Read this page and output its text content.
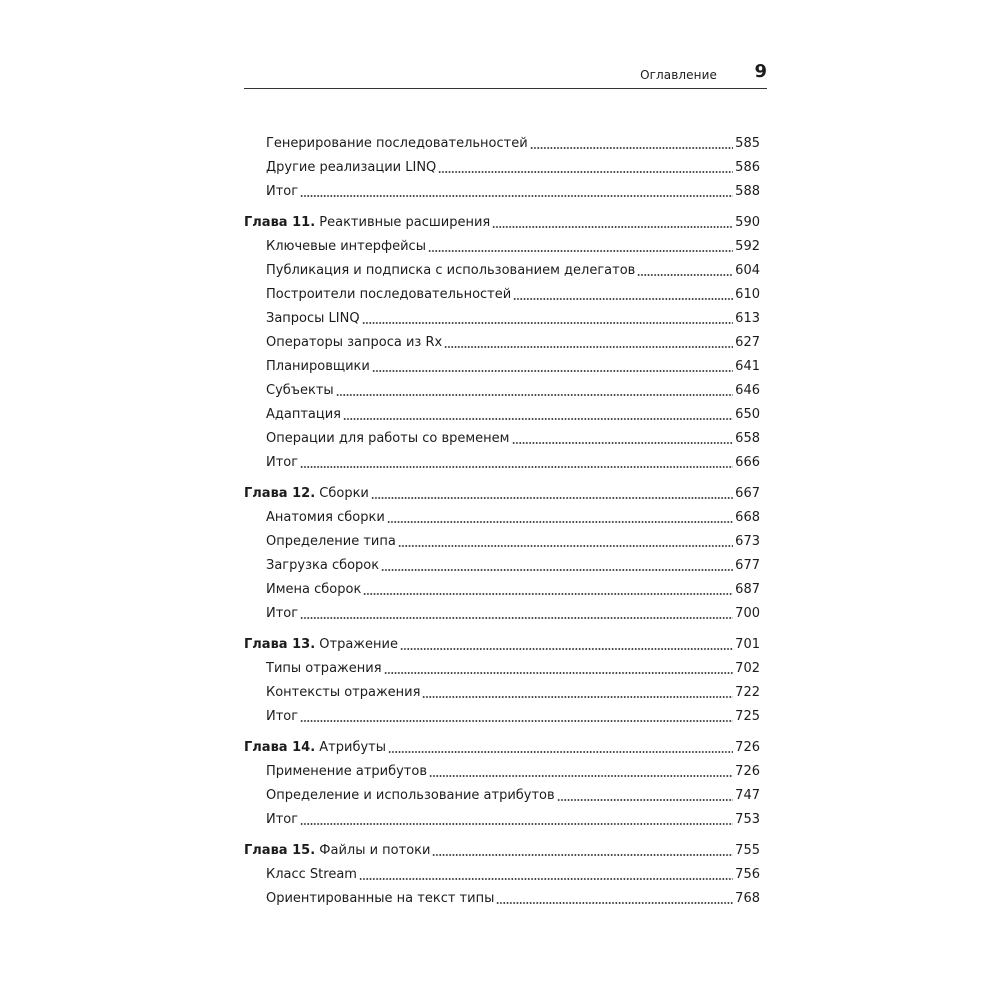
Оглавление 9
Генерирование последовательностей	585
Другие реализации LINQ	586
Итог	588
Глава 11. Реактивные расширения	590
Ключевые интерфейсы	592
Публикация и подписка с использованием делегатов	604
Построители последовательностей	610
Запросы LINQ	613
Операторы запроса из Rx	627
Планировщики	641
Субъекты	646
Адаптация	650
Операции для работы со временем	658
Итог	666
Глава 12. Сборки	667
Анатомия сборки	668
Определение типа	673
Загрузка сборок	677
Имена сборок	687
Итог	700
Глава 13. Отражение	701
Типы отражения	702
Контексты отражения	722
Итог	725
Глава 14. Атрибуты	726
Применение атрибутов	726
Определение и использование атрибутов	747
Итог	753
Глава 15. Файлы и потоки	755
Класс Stream	756
Ориентированные на текст типы	768
